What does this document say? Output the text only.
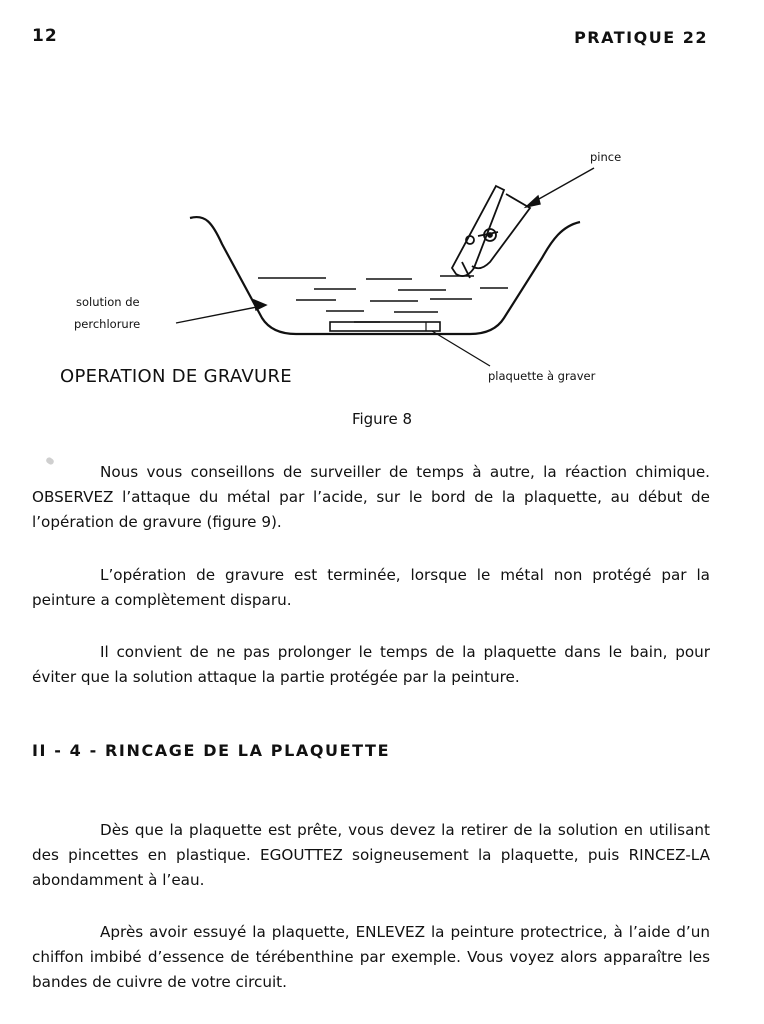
12	PRATIQUE 22
pince
solution de
perchlorure
plaquette à graver
OPERATION DE GRAVURE
Figure 8
Nous vous conseillons de surveiller de temps à autre, la réaction chimique. OBSERVEZ l’attaque du métal par l’acide, sur le bord de la plaquette, au début de l’opération de gravure (figure 9).
L’opération de gravure est terminée, lorsque le métal non protégé par la peinture a complètement disparu.
Il convient de ne pas prolonger le temps de la plaquette dans le bain, pour éviter que la solution attaque la partie protégée par la peinture.
II - 4 - RINCAGE DE LA PLAQUETTE
Dès que la plaquette est prête, vous devez la retirer de la solution en utilisant des pincettes en plastique. EGOUTTEZ soigneusement la plaquette, puis RINCEZ-LA abondamment à l’eau.
Après avoir essuyé la plaquette, ENLEVEZ la peinture protectrice, à l’aide d’un chiffon imbibé d’essence de térébenthine par exemple. Vous voyez alors apparaître les bandes de cuivre de votre circuit.
